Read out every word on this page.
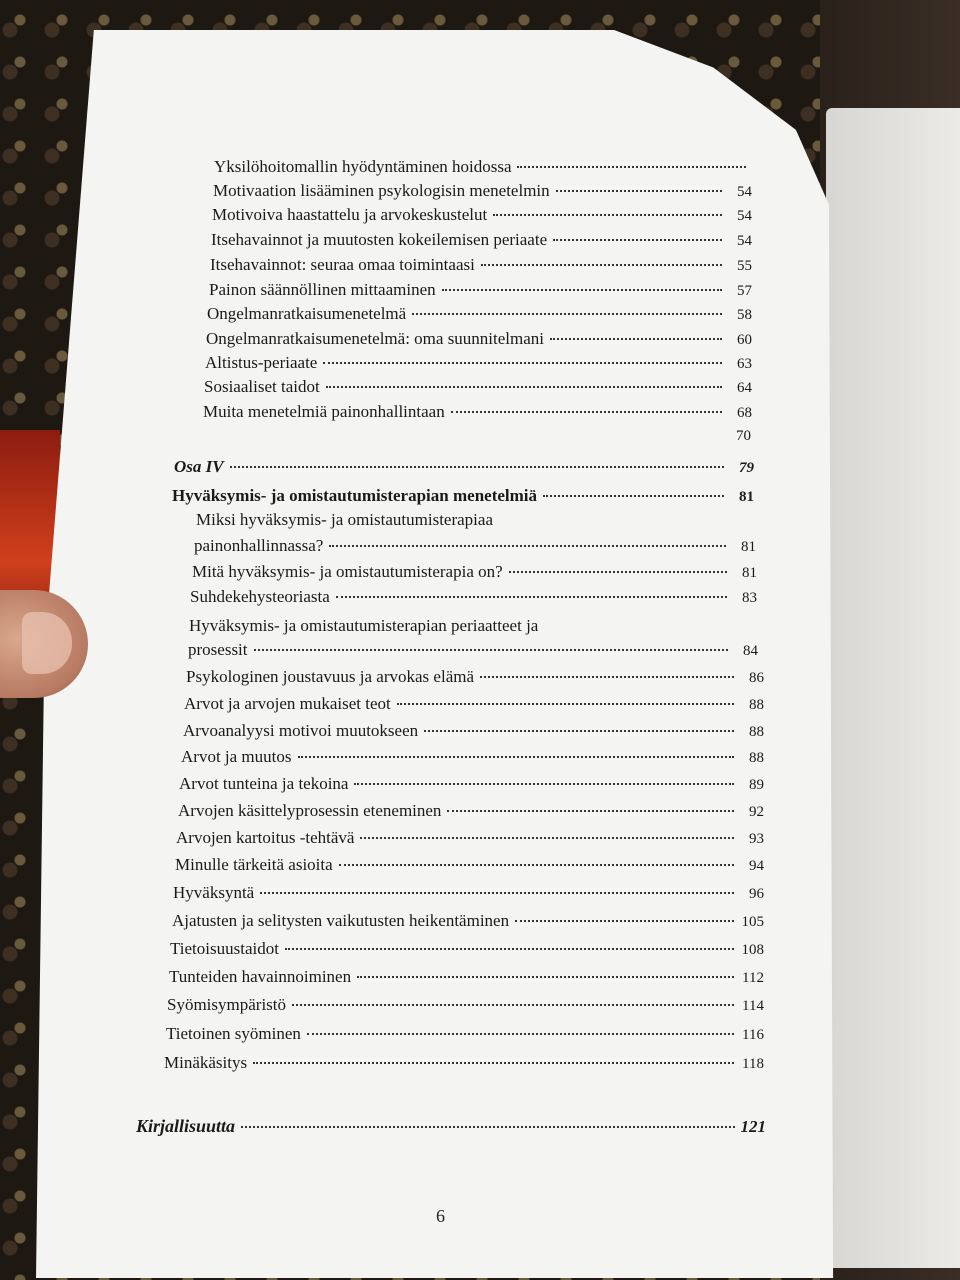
Yksilöhoitomallin hyödyntäminen hoidossa
Motivaation lisääminen psykologisin menetelmin	54
Motivoiva haastattelu ja arvokeskustelut	54
Itsehavainnot ja muutosten kokeilemisen periaate	54
Itsehavainnot: seuraa omaa toimintaasi	55
Painon säännöllinen mittaaminen	57
Ongelmanratkaisumenetelmä	58
Ongelmanratkaisumenetelmä: oma suunnitelmani	60
Altistus-periaate	63
Sosiaaliset taidot	64
Muita menetelmiä painonhallintaan	68
70
Osa IV	79
Hyväksymis- ja omistautumisterapian menetelmiä	81
Miksi hyväksymis- ja omistautumisterapiaa
painonhallinnassa?	81
Mitä hyväksymis- ja omistautumisterapia on?	81
Suhdekehysteoriasta	83
Hyväksymis- ja omistautumisterapian periaatteet ja
prosessit	84
Psykologinen joustavuus ja arvokas elämä	86
Arvot ja arvojen mukaiset teot	88
Arvoanalyysi motivoi muutokseen	88
Arvot ja muutos	88
Arvot tunteina ja tekoina	89
Arvojen käsittelyprosessin eteneminen	92
Arvojen kartoitus -tehtävä	93
Minulle tärkeitä asioita	94
Hyväksyntä	96
Ajatusten ja selitysten vaikutusten heikentäminen	105
Tietoisuustaidot	108
Tunteiden havainnoiminen	112
Syömisympäristö	114
Tietoinen syöminen	116
Minäkäsitys	118
Kirjallisuutta	121
6
